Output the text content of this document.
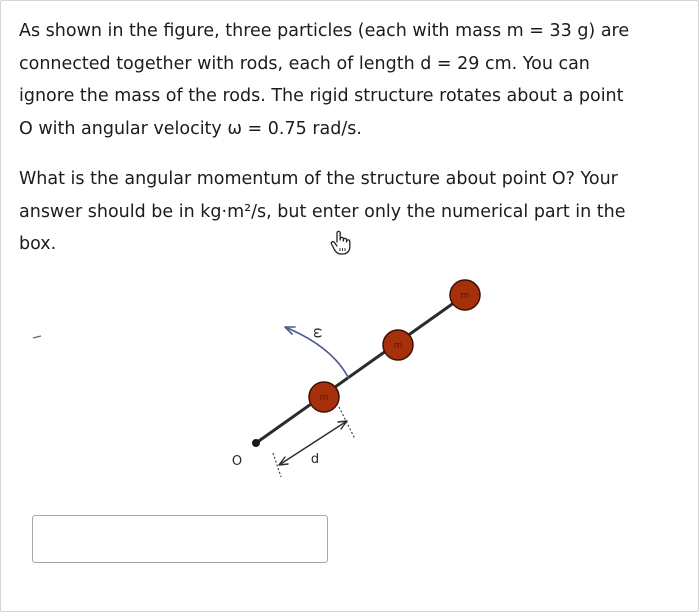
As shown in the figure, three particles (each with mass m = 33 g) are
connected together with rods, each of length d = 29 cm. You can
ignore the mass of the rods. The rigid structure rotates about a point
O with angular velocity ω = 0.75 rad/s.

What is the angular momentum of the structure about point O? Your
answer should be in kg·m²/s, but enter only the numerical part in the
box.

m
m
m
ω
O	d
